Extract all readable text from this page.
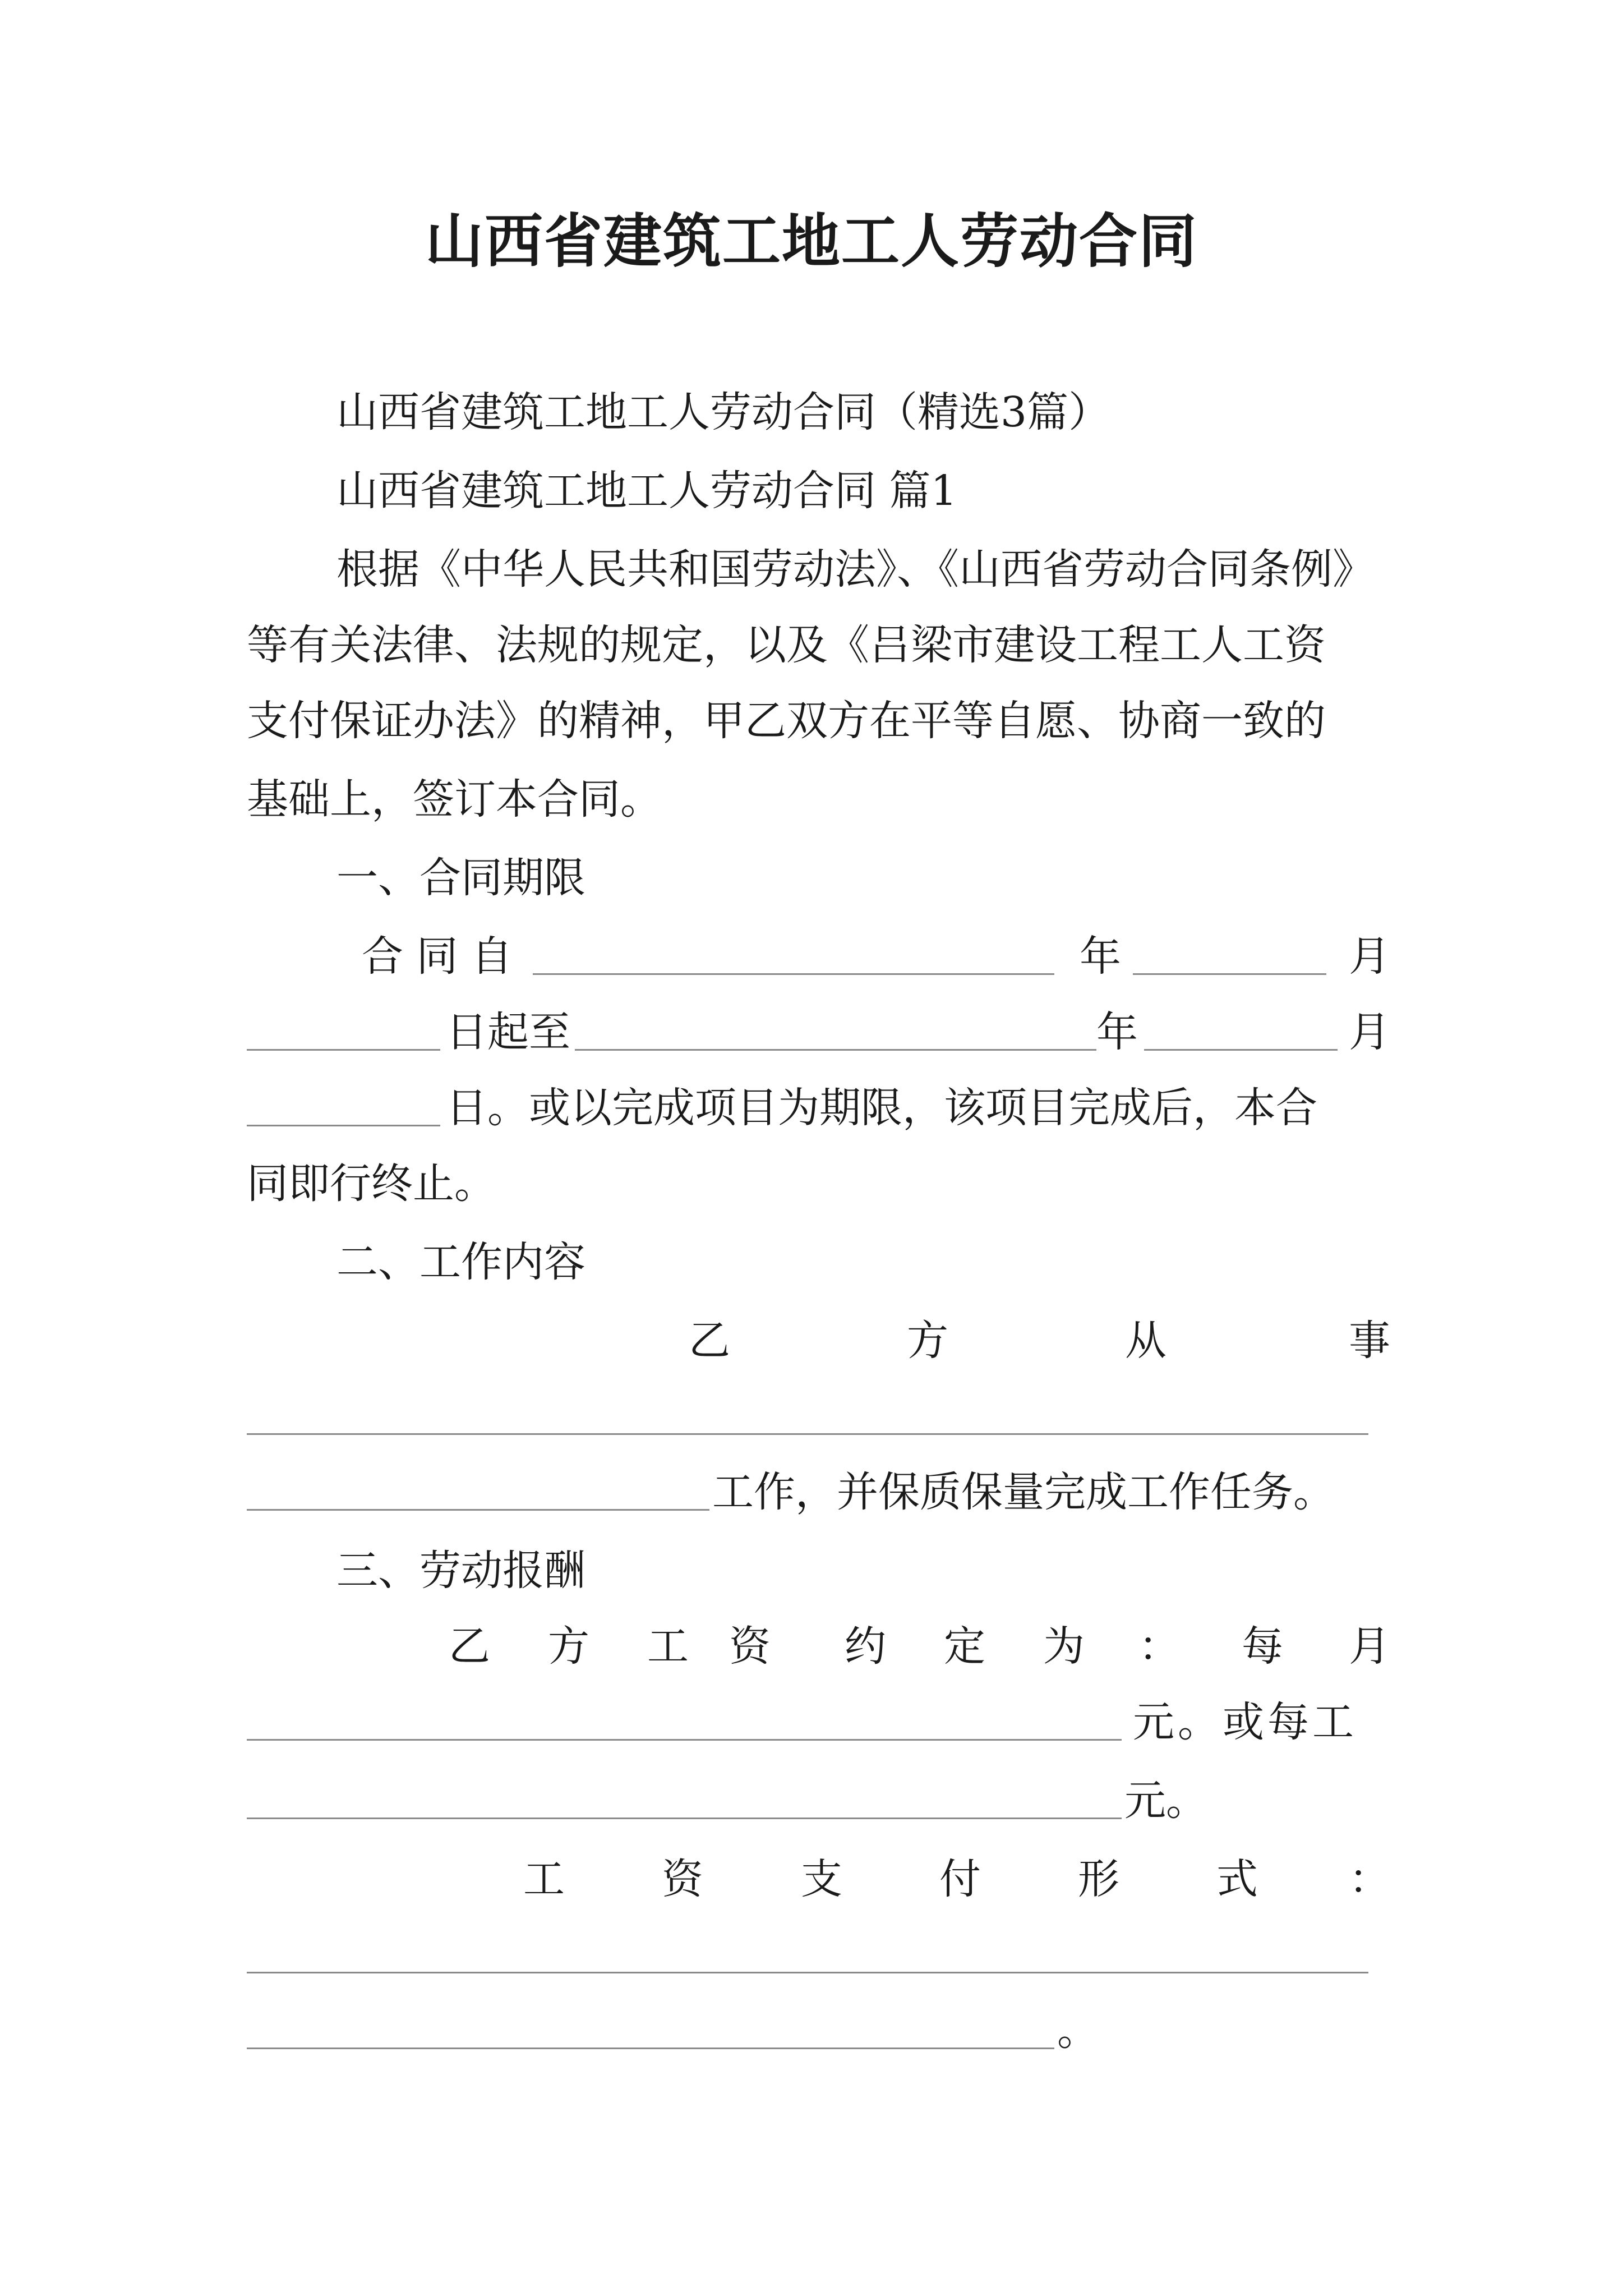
山西省建筑工地工人劳动合同
山西省建筑工地工人劳动合同（精选3篇）
山西省建筑工地工人劳动合同 篇1
根据《中华人民共和国劳动法》、《山西省劳动合同条例》
等有关法律、法规的规定，以及《吕梁市建设工程工人工资
支付保证办法》的精神，甲乙双方在平等自愿、协商一致的
基础上，签订本合同。
一、合同期限
合 同 自	年	月
日起至	年	月
日。或以完成项目为期限，该项目完成后，本合
同即行终止。
二、工作内容
乙	方	从	事
工作，并保质保量完成工作任务。
三、劳动报酬
乙 方 工 资 约 定 为 ： 每 月
元。或每工
元。
工 资 支 付 形 式 ：
。
